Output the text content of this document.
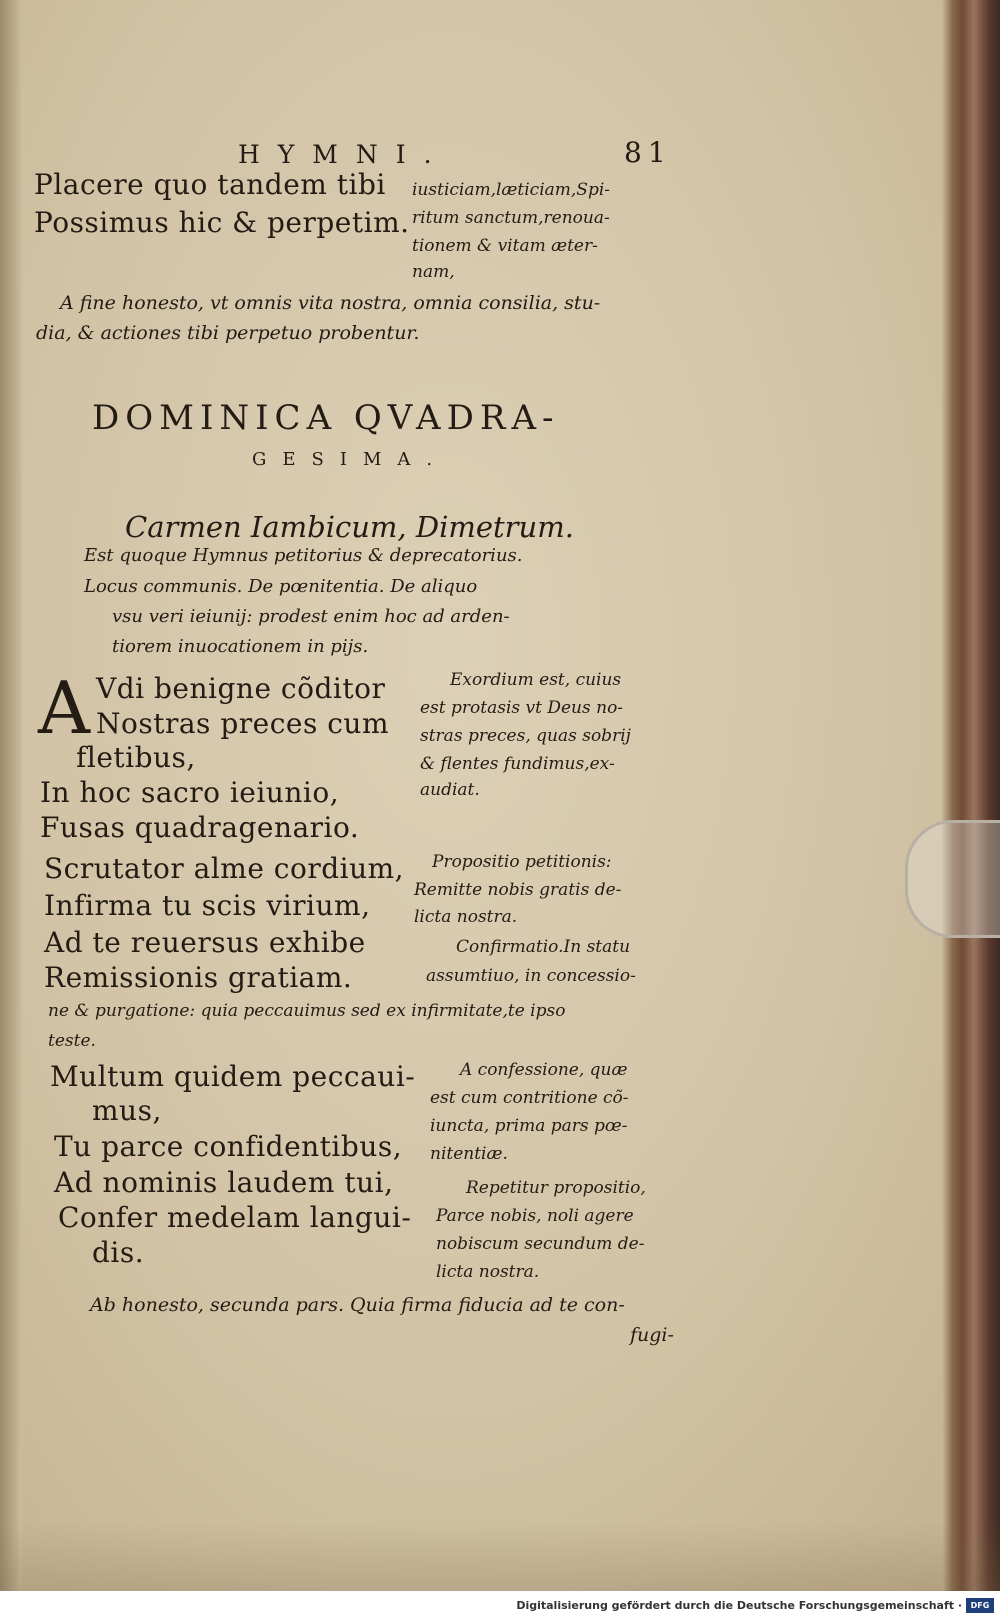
HYMNI.	81
Placere quo tandem tibi
Possimus hic & perpetim.
iusticiam,læticiam,Spi-
ritum sanctum,renoua-
tionem & vitam æter-
nam,
A fine honesto, vt omnis vita nostra, omnia consilia, stu-
dia, & actiones tibi perpetuo probentur.
DOMINICA QVADRA-
GESIMA.
Carmen Iambicum, Dimetrum.
Est quoque Hymnus petitorius & deprecatorius.
Locus communis. De pœnitentia. De aliquo
vsu veri ieiunij: prodest enim hoc ad arden-
tiorem inuocationem in pijs.
A Vdi benigne cõditor
Nostras preces cum
fletibus,
In hoc sacro ieiunio,
Fusas quadragenario.
Exordium est, cuius
est protasis vt Deus no-
stras preces, quas sobrij
& flentes fundimus,ex-
audiat.
Scrutator alme cordium,
Infirma tu scis virium,
Ad te reuersus exhibe
Remissionis gratiam.
Propositio petitionis:
Remitte nobis gratis de-
licta nostra.
Confirmatio.In statu
assumtiuo, in concessio-
ne & purgatione: quia peccauimus sed ex infirmitate,te ipso
teste.
Multum quidem peccaui-
mus,
Tu parce confidentibus,
Ad nominis laudem tui,
Confer medelam langui-
dis.
A confessione, quæ
est cum contritione cõ-
iuncta, prima pars pœ-
nitentiæ.
Repetitur propositio,
Parce nobis, noli agere
nobiscum secundum de-
licta nostra.
Ab honesto, secunda pars. Quia firma fiducia ad te con-
fugi-
Digitalisierung gefördert durch die Deutsche Forschungsgemeinschaft ·	DFG
